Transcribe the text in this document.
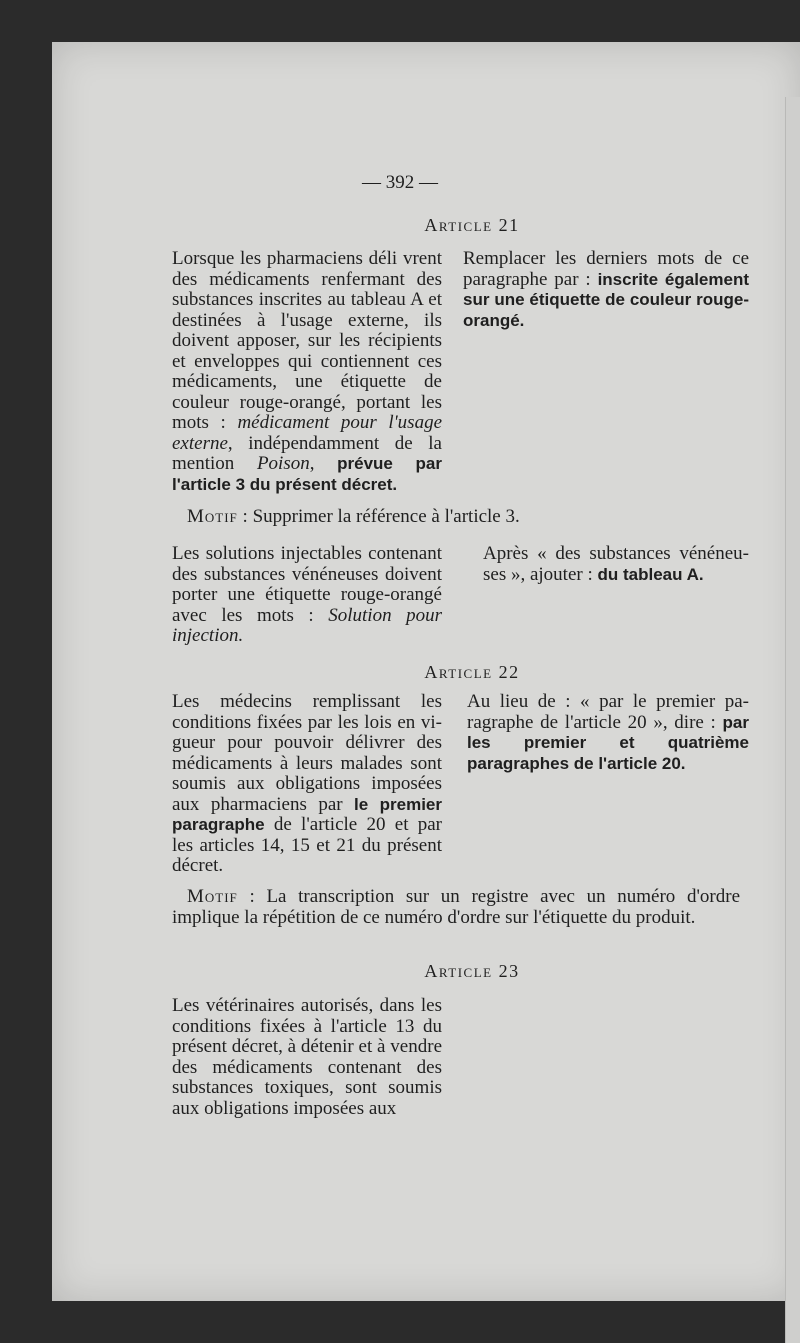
— 392 —
Article 21

Lorsque les pharmaciens déli vrent des médicaments renfermant des substances inscrites au tableau A et destinées à l'usage externe, ils doivent apposer, sur les récipients et enveloppes qui contiennent ces médicaments, une étiquette de couleur rouge-orangé, portant les mots : médicament pour l'usage externe, indépendamment de la mention Poison, prévue par l'article 3 du présent décret.

Remplacer les derniers mots de ce paragraphe par : inscrite également sur une étiquette de couleur rouge-orangé.

Motif : Supprimer la référence à l'article 3.

Les solutions injectables contenant des substances vénéneuses doivent porter une étiquette rouge-orangé avec les mots : Solution pour injection.

Après « des substances vénéneuses », ajouter : du tableau A.

Article 22

Les médecins remplissant les conditions fixées par les lois en vigueur pour pouvoir délivrer des médicaments à leurs malades sont soumis aux obligations imposées aux pharmaciens par le premier paragraphe de l'article 20 et par les articles 14, 15 et 21 du présent décret.

Au lieu de : « par le premier paragraphe de l'article 20 », dire : par les premier et quatrième paragraphes de l'article 20.

Motif : La transcription sur un registre avec un numéro d'ordre implique la répétition de ce numéro d'ordre sur l'étiquette du produit.

Article 23

Les vétérinaires autorisés, dans les conditions fixées à l'article 13 du présent décret, à détenir et à vendre des médicaments contenant des substances toxiques, sont soumis aux obligations imposées aux
